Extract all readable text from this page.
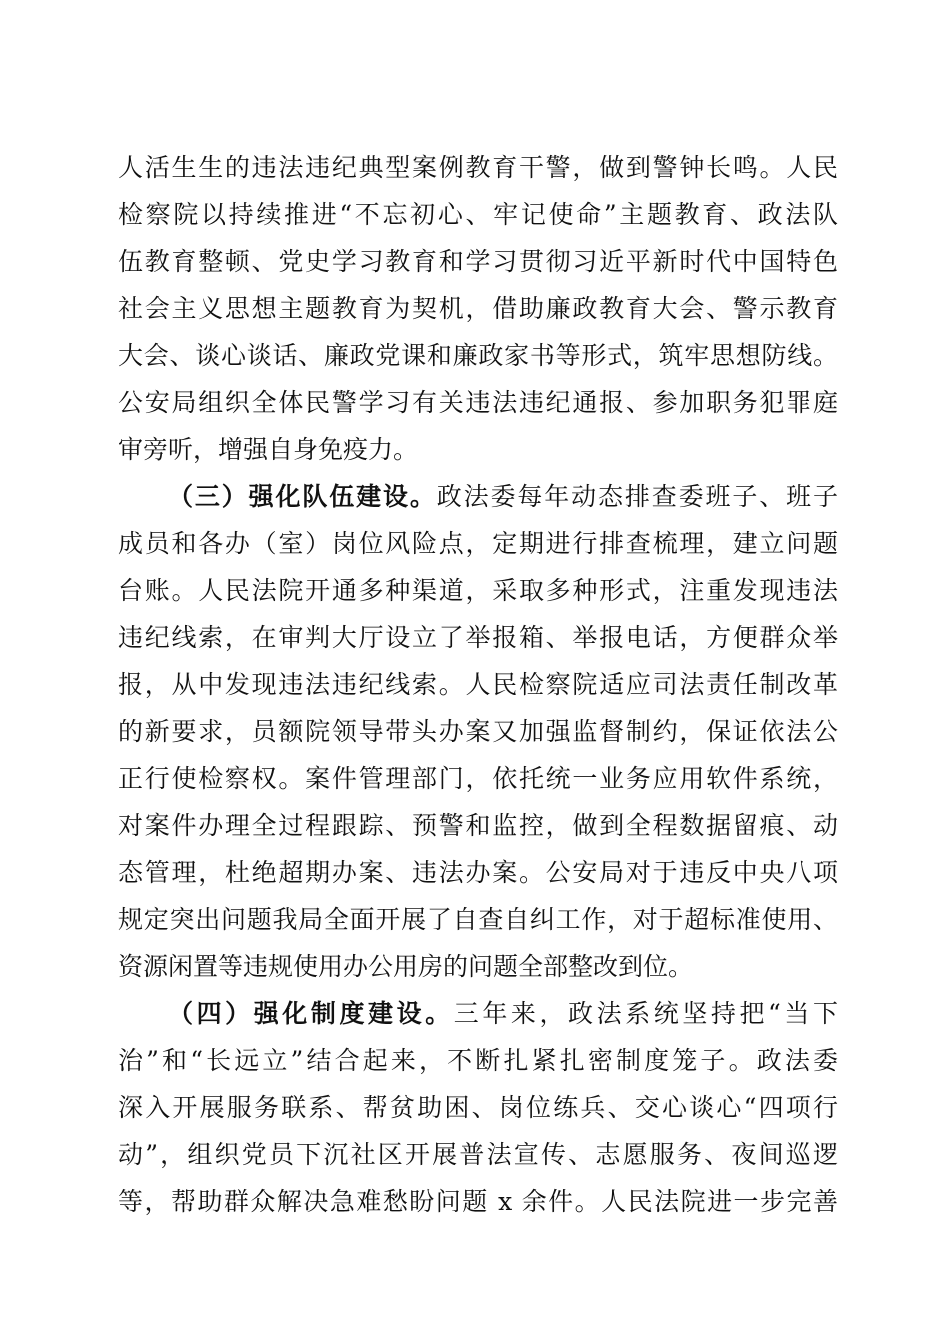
人活生生的违法违纪典型案例教育干警，做到警钟长鸣。人民
检察院以持续推进“不忘初心、牢记使命”主题教育、政法队
伍教育整顿、党史学习教育和学习贯彻习近平新时代中国特色
社会主义思想主题教育为契机，借助廉政教育大会、警示教育
大会、谈心谈话、廉政党课和廉政家书等形式，筑牢思想防线。
公安局组织全体民警学习有关违法违纪通报、参加职务犯罪庭
审旁听，增强自身免疫力。
（三）强化队伍建设。政法委每年动态排查委班子、班子
成员和各办（室）岗位风险点，定期进行排查梳理，建立问题
台账。人民法院开通多种渠道，采取多种形式，注重发现违法
违纪线索，在审判大厅设立了举报箱、举报电话，方便群众举
报，从中发现违法违纪线索。人民检察院适应司法责任制改革
的新要求，员额院领导带头办案又加强监督制约，保证依法公
正行使检察权。案件管理部门，依托统一业务应用软件系统，
对案件办理全过程跟踪、预警和监控，做到全程数据留痕、动
态管理，杜绝超期办案、违法办案。公安局对于违反中央八项
规定突出问题我局全面开展了自查自纠工作，对于超标准使用、
资源闲置等违规使用办公用房的问题全部整改到位。
（四）强化制度建设。三年来，政法系统坚持把“当下
治”和“长远立”结合起来，不断扎紧扎密制度笼子。政法委
深入开展服务联系、帮贫助困、岗位练兵、交心谈心“四项行
动”，组织党员下沉社区开展普法宣传、志愿服务、夜间巡逻
等，帮助群众解决急难愁盼问题 x 余件。人民法院进一步完善
